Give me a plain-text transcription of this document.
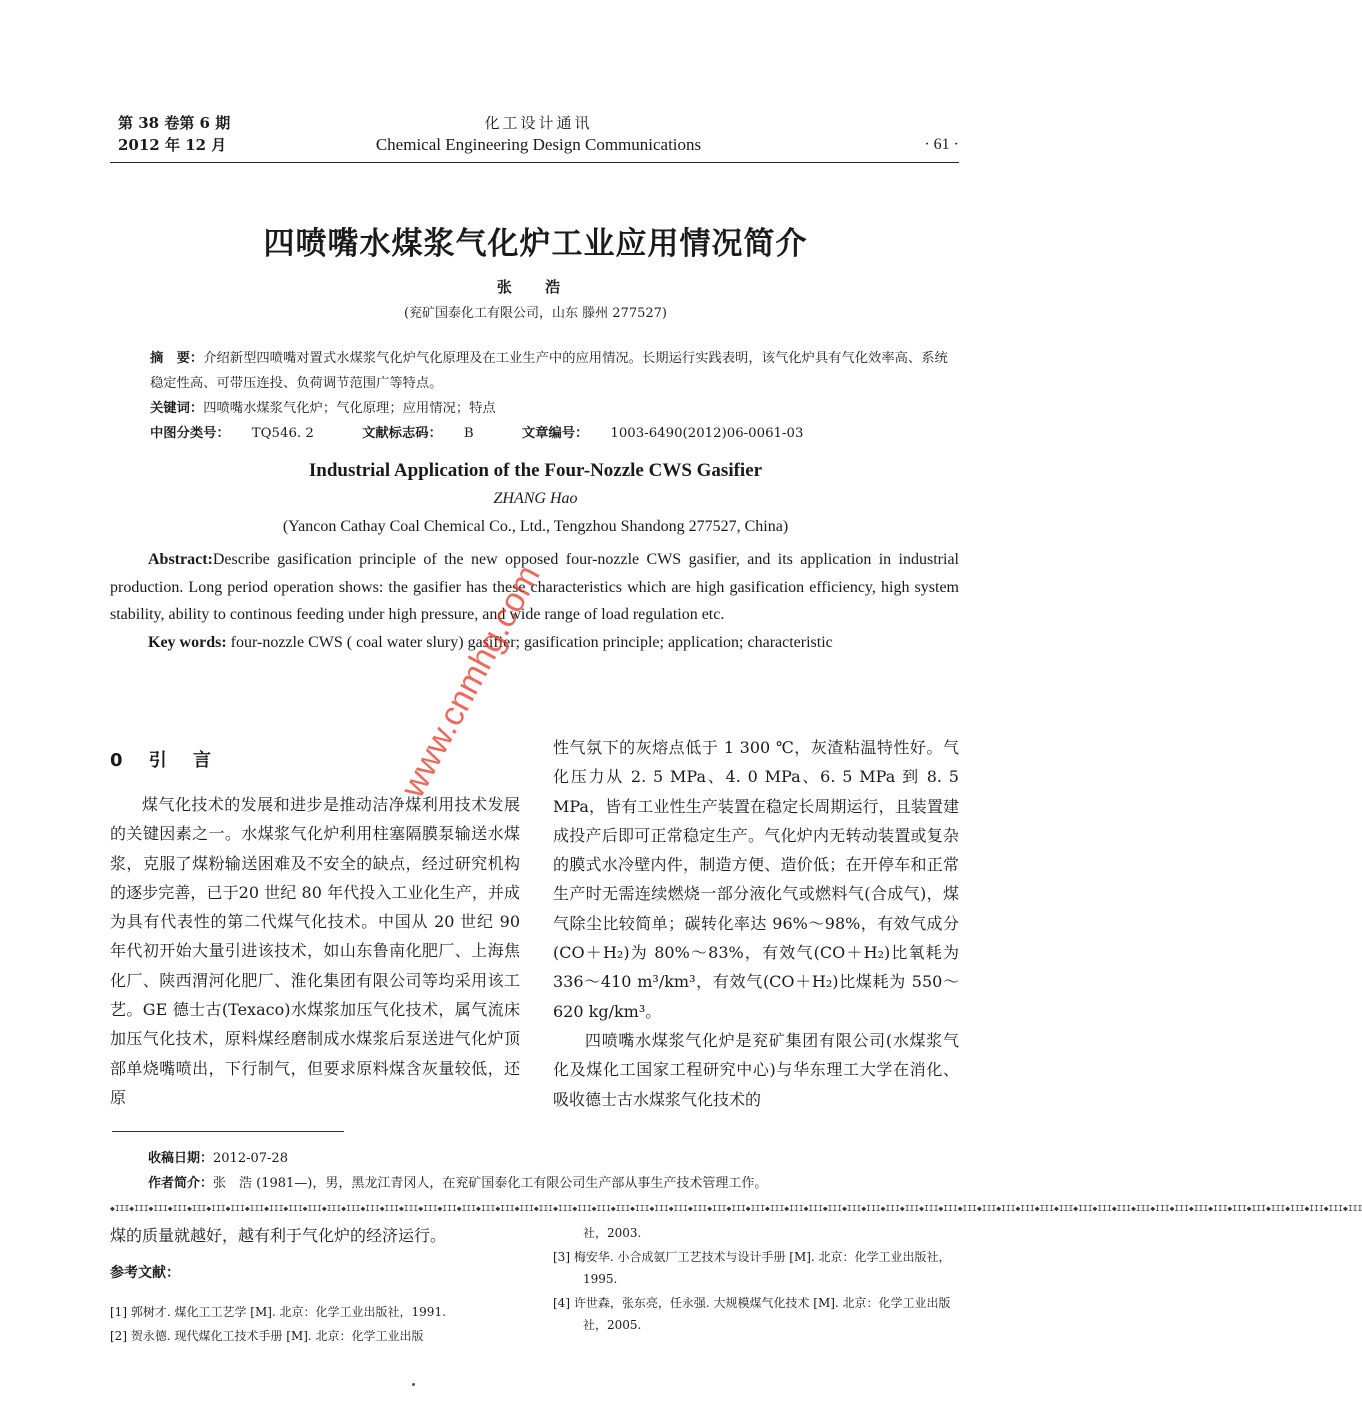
第 38 卷第 6 期
2012 年 12 月
化工设计通讯
Chemical Engineering Design Communications	· 61 ·
四喷嘴水煤浆气化炉工业应用情况简介
张 浩
(兖矿国泰化工有限公司，山东 滕州 277527)

摘　要：介绍新型四喷嘴对置式水煤浆气化炉气化原理及在工业生产中的应用情况。长期运行实践表明，该气化炉具有气化效率高、系统稳定性高、可带压连投、负荷调节范围广等特点。

关键词：四喷嘴水煤浆气化炉；气化原理；应用情况；特点

中图分类号： TQ546. 2	文献标志码： B	文章编号： 1003-6490(2012)06-0061-03

Industrial Application of the Four-Nozzle CWS Gasifier
ZHANG Hao
(Yancon Cathay Coal Chemical Co., Ltd., Tengzhou Shandong 277527, China)

Abstract:Describe gasification principle of the new opposed four-nozzle CWS gasifier, and its application in industrial production. Long period operation shows: the gasifier has these characteristics which are high gasification efficiency, high system stability, ability to continous feeding under high pressure, and wide range of load regulation etc.

Key words: four-nozzle CWS ( coal water slury) gasifier; gasification principle; application; characteristic

0 引 言

煤气化技术的发展和进步是推动洁净煤利用技术发展的关键因素之一。水煤浆气化炉利用柱塞隔膜泵输送水煤浆，克服了煤粉输送困难及不安全的缺点，经过研究机构的逐步完善，已于20 世纪 80 年代投入工业化生产，并成为具有代表性的第二代煤气化技术。中国从 20 世纪 90 年代初开始大量引进该技术，如山东鲁南化肥厂、上海焦化厂、陕西渭河化肥厂、淮化集团有限公司等均采用该工艺。GE 德士古(Texaco)水煤浆加压气化技术，属气流床加压气化技术，原料煤经磨制成水煤浆后泵送进气化炉顶部单烧嘴喷出，下行制气，但要求原料煤含灰量较低，还原

性气氛下的灰熔点低于 1 300 ℃，灰渣粘温特性好。气化压力从 2. 5 MPa、4. 0 MPa、6. 5 MPa 到 8. 5 MPa，皆有工业性生产装置在稳定长周期运行，且装置建成投产后即可正常稳定生产。气化炉内无转动装置或复杂的膜式水冷壁内件，制造方便、造价低；在开停车和正常生产时无需连续燃烧一部分液化气或燃料气(合成气)，煤气除尘比较简单；碳转化率达 96%～98%，有效气成分(CO＋H₂)为 80%～83%，有效气(CO＋H₂)比氧耗为 336～410 m³/km³，有效气(CO＋H₂)比煤耗为 550～620 kg/km³。

四喷嘴水煤浆气化炉是兖矿集团有限公司(水煤浆气化及煤化工国家工程研究中心)与华东理工大学在消化、吸收德士古水煤浆气化技术的

收稿日期：2012-07-28
作者简介：张　浩 (1981—)，男，黑龙江青冈人，在兖矿国泰化工有限公司生产部从事生产技术管理工作。
◆III◆III◆III◆III◆III◆III◆III◆III◆III◆III◆III◆III◆III◆III◆III◆III◆III◆III◆III◆III◆III◆III◆III◆III◆III◆III◆III◆III◆III◆III◆III◆III◆III◆III◆III◆III◆III◆III◆III◆III◆III◆III◆III◆III◆III◆III◆III◆III◆III◆III◆III◆III◆III◆III◆III◆III◆III◆III◆III◆III◆III◆III◆III◆III◆III

煤的质量就越好，越有利于气化炉的经济运行。

参考文献：

[1] 郭树才. 煤化工工艺学 [M]. 北京：化学工业出版社，1991.

[2] 贺永德. 现代煤化工技术手册 [M]. 北京：化学工业出版

社，2003.

[3] 梅安华. 小合成氨厂工艺技术与设计手册 [M]. 北京：化学工业出版社，1995.

[4] 许世森，张东亮，任永强. 大规模煤气化技术 [M]. 北京：化学工业出版社，2005.

www.cnmhg.com
